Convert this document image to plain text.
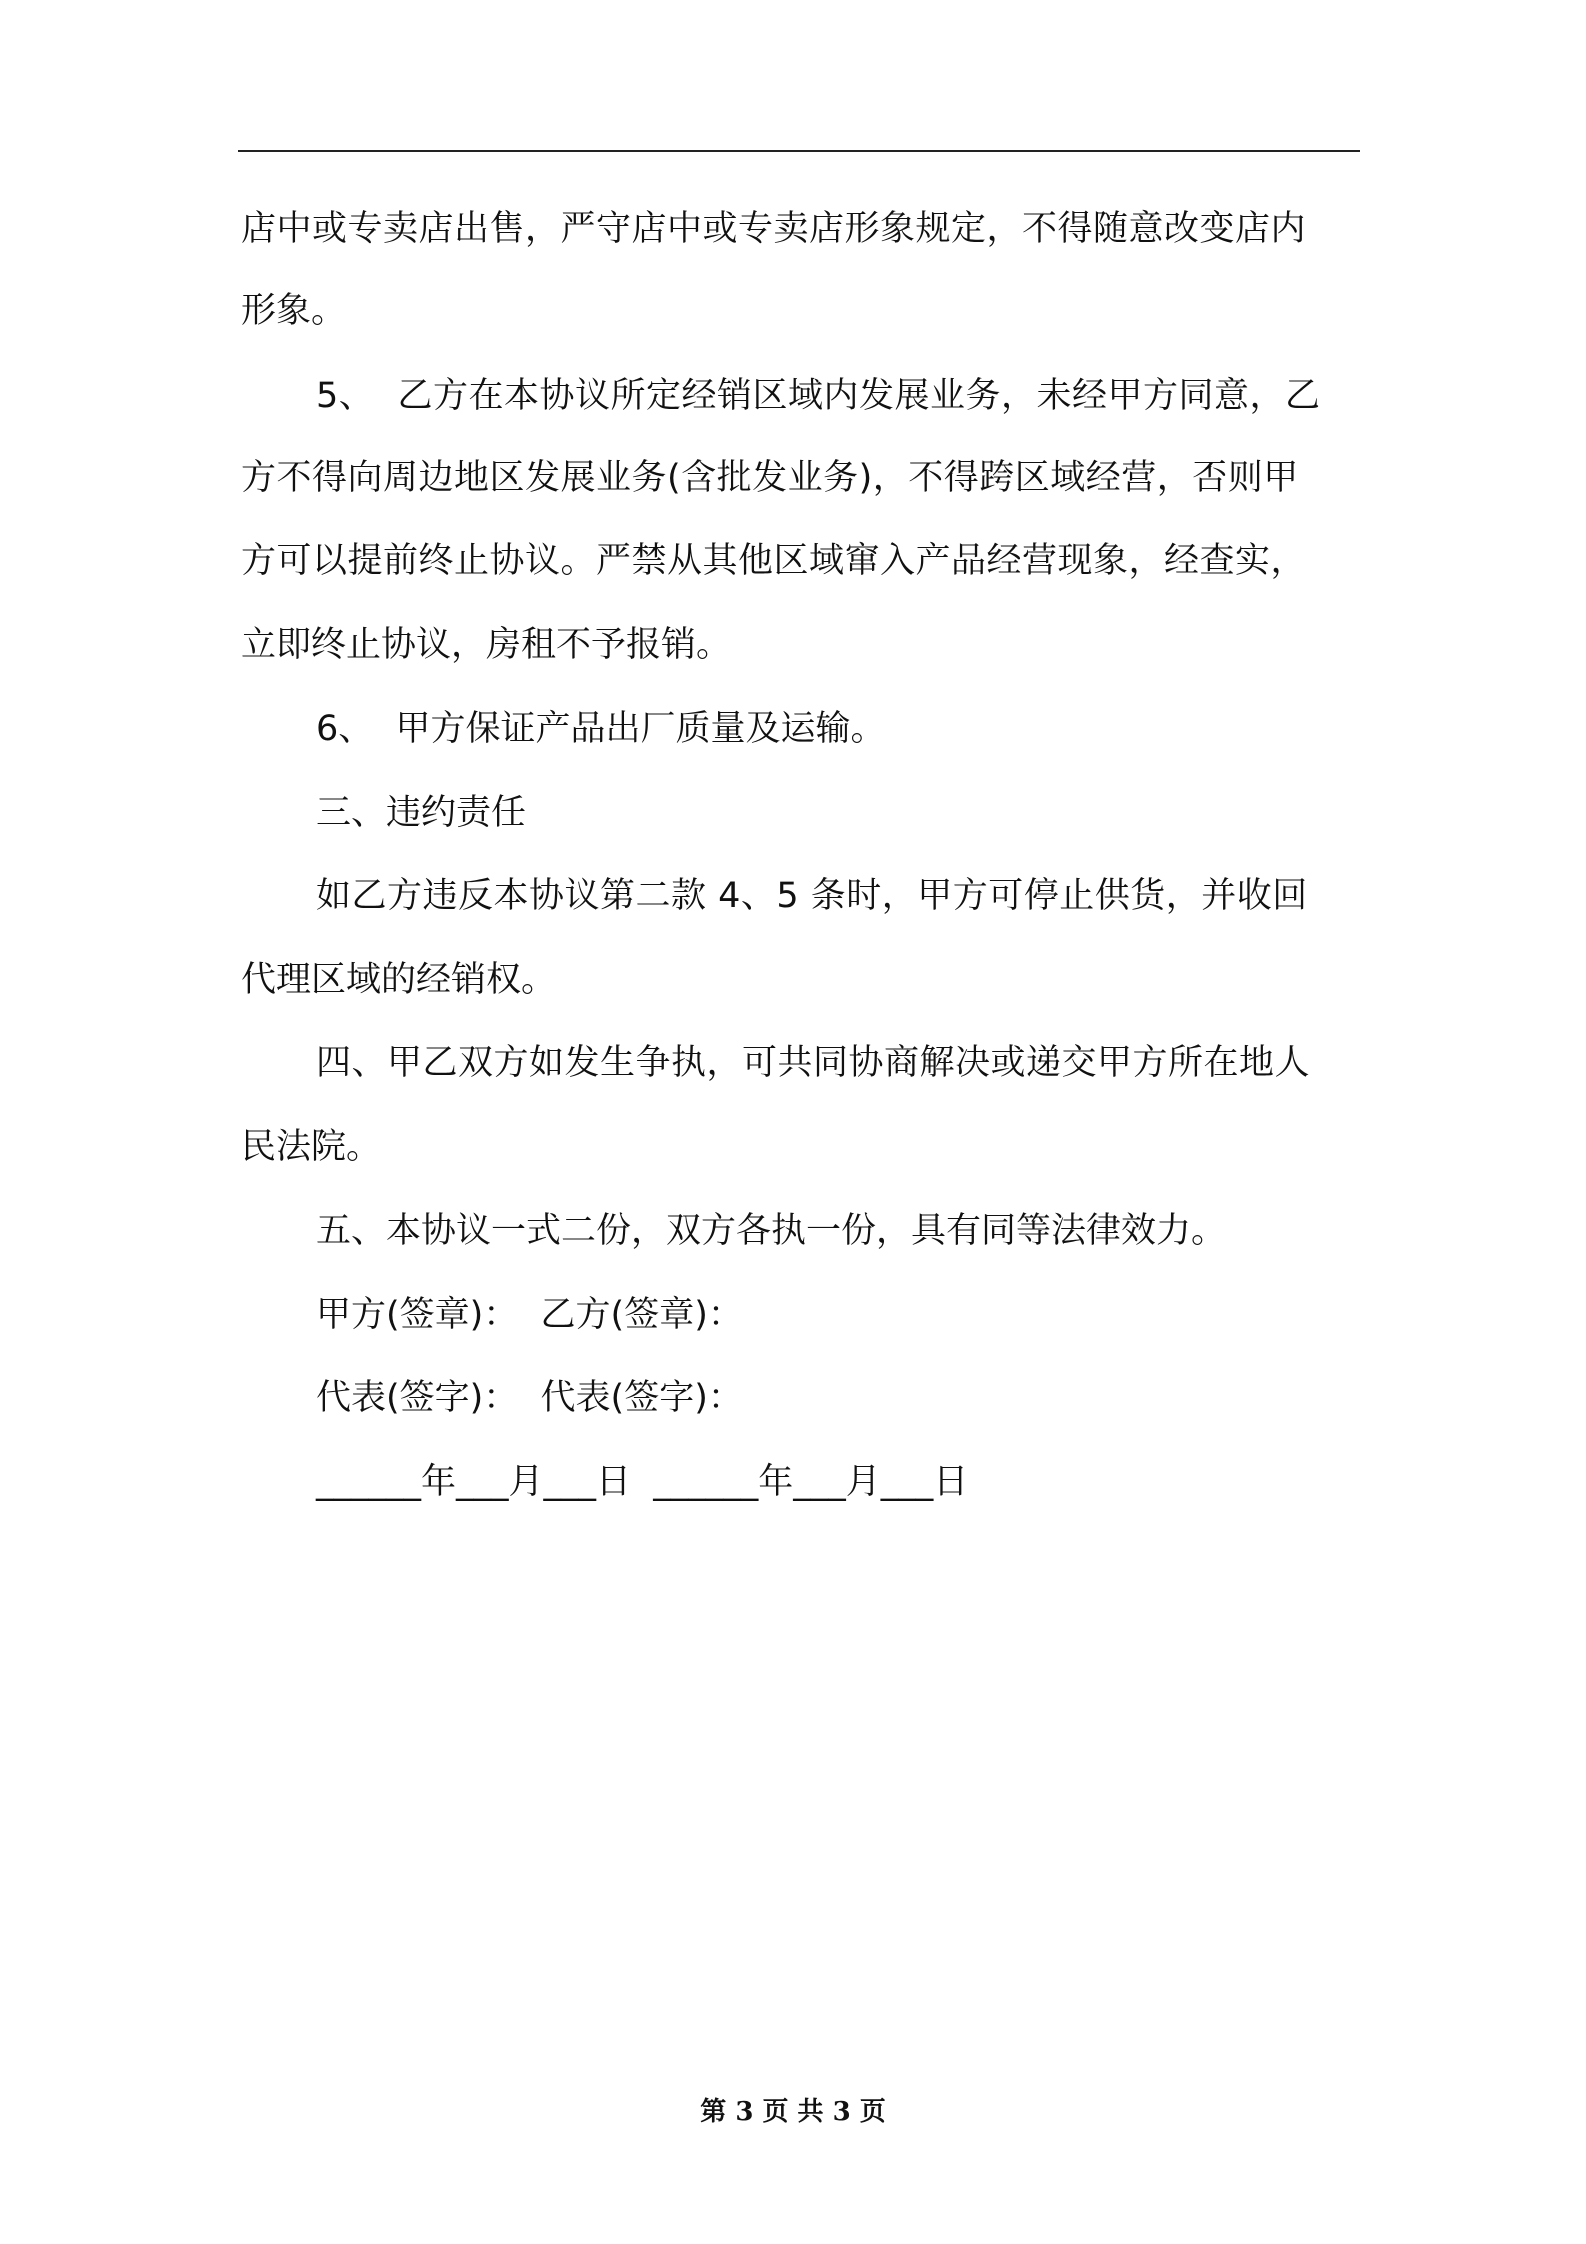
店中或专卖店出售，严守店中或专卖店形象规定，不得随意改变店内

形象。

5、  乙方在本协议所定经销区域内发展业务，未经甲方同意，乙

方不得向周边地区发展业务(含批发业务)，不得跨区域经营，否则甲

方可以提前终止协议。严禁从其他区域窜入产品经营现象，经查实，

立即终止协议，房租不予报销。

6、  甲方保证产品出厂质量及运输。

三、违约责任

如乙方违反本协议第二款 4、5 条时，甲方可停止供货，并收回

代理区域的经销权。

四、甲乙双方如发生争执，可共同协商解决或递交甲方所在地人

民法院。

五、本协议一式二份，双方各执一份，具有同等法律效力。

甲方(签章)：  乙方(签章)：

代表(签字)：  代表(签字)：

______年___月___日  ______年___月___日

第 3 页 共 3 页
